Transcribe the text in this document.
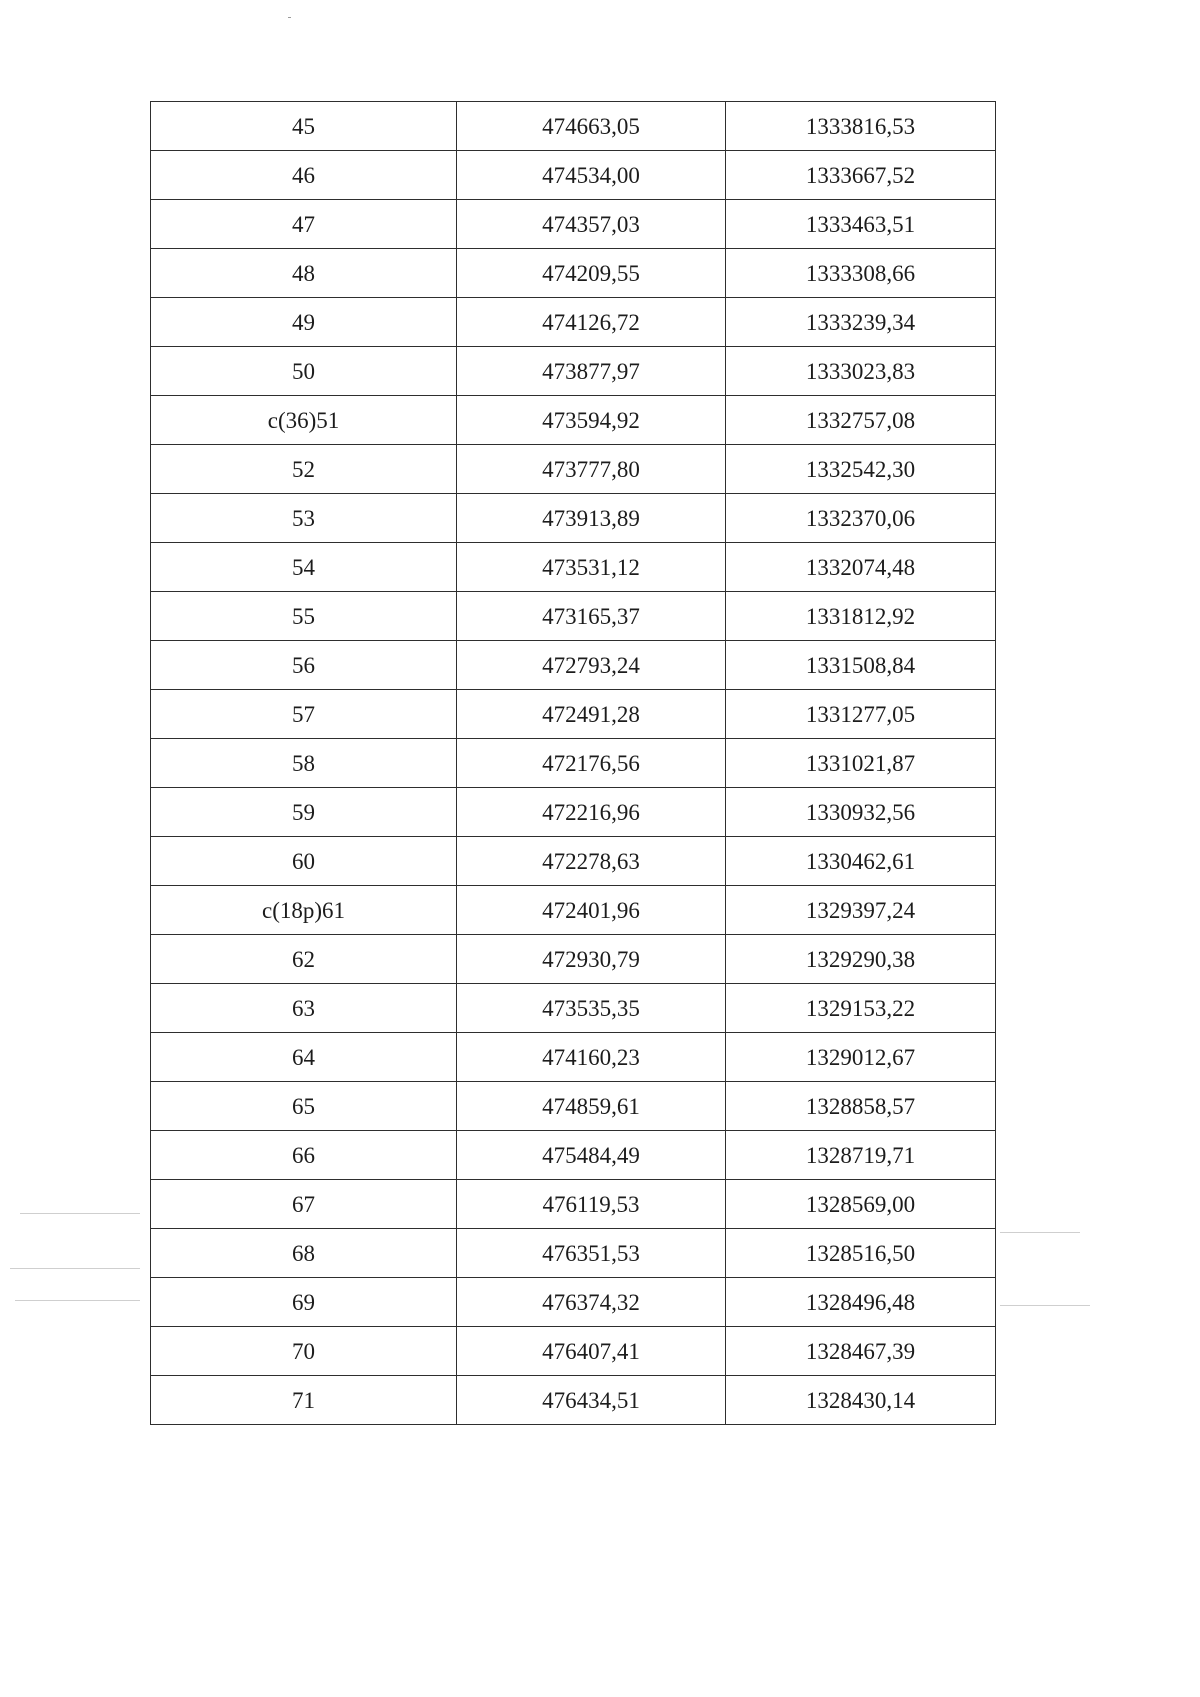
45	474663,05	1333816,53
46	474534,00	1333667,52
47	474357,03	1333463,51
48	474209,55	1333308,66
49	474126,72	1333239,34
50	473877,97	1333023,83
c(36)51	473594,92	1332757,08
52	473777,80	1332542,30
53	473913,89	1332370,06
54	473531,12	1332074,48
55	473165,37	1331812,92
56	472793,24	1331508,84
57	472491,28	1331277,05
58	472176,56	1331021,87
59	472216,96	1330932,56
60	472278,63	1330462,61
c(18p)61	472401,96	1329397,24
62	472930,79	1329290,38
63	473535,35	1329153,22
64	474160,23	1329012,67
65	474859,61	1328858,57
66	475484,49	1328719,71
67	476119,53	1328569,00
68	476351,53	1328516,50
69	476374,32	1328496,48
70	476407,41	1328467,39
71	476434,51	1328430,14
